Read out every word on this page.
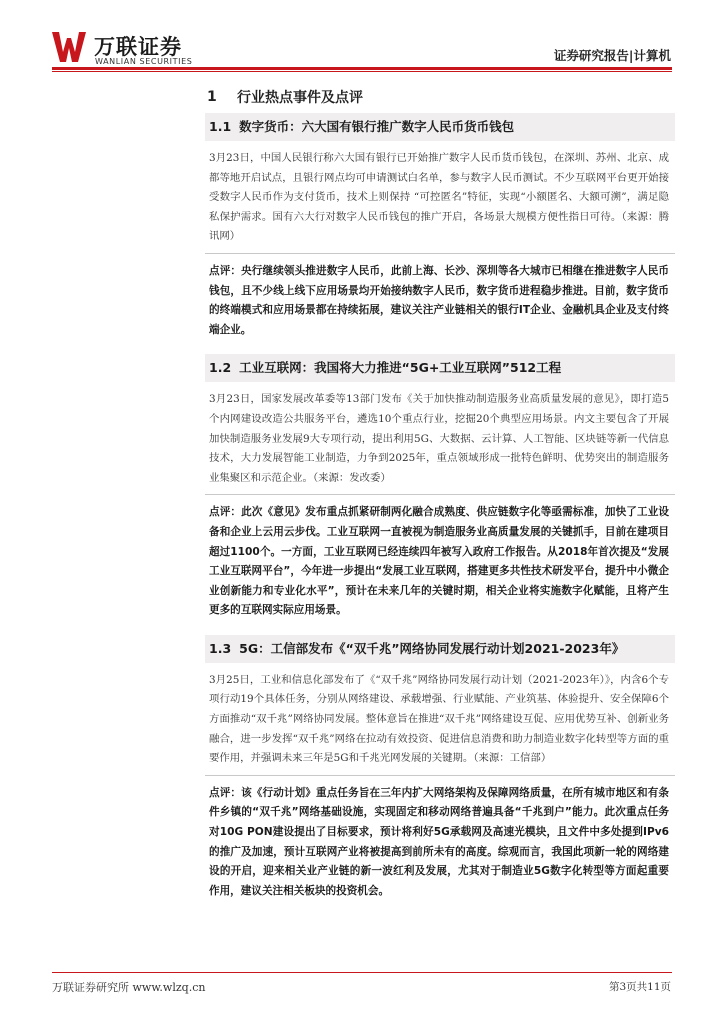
万联证券
WANLIAN SECURITIES	证券研究报告|计算机
1	行业热点事件及点评
1.1 数字货币：六大国有银行推广数字人民币货币钱包

3月23日，中国人民银行称六大国有银行已开始推广数字人民币货币钱包，在深圳、苏州、北京、成都等地开启试点，且银行网点均可申请测试白名单，参与数字人民币测试。不少互联网平台更开始接受数字人民币作为支付货币，技术上则保持 “可控匿名”特征，实现“小额匿名、大额可溯”，满足隐私保护需求。国有六大行对数字人民币钱包的推广开启，各场景大规模方便性指日可待。（来源：腾讯网）

点评：央行继续领头推进数字人民币，此前上海、长沙、深圳等各大城市已相继在推进数字人民币钱包，且不少线上线下应用场景均开始接纳数字人民币，数字货币进程稳步推进。目前，数字货币的终端模式和应用场景都在持续拓展，建议关注产业链相关的银行IT企业、金融机具企业及支付终端企业。

1.2 工业互联网：我国将大力推进“5G+工业互联网”512工程

3月23日，国家发展改革委等13部门发布《关于加快推动制造服务业高质量发展的意见》，即打造5个内网建设改造公共服务平台，遴选10个重点行业，挖掘20个典型应用场景。内文主要包含了开展加快制造服务业发展9大专项行动，提出利用5G、大数据、云计算、人工智能、区块链等新一代信息技术，大力发展智能工业制造，力争到2025年，重点领域形成一批特色鲜明、优势突出的制造服务业集聚区和示范企业。（来源：发改委）

点评：此次《意见》发布重点抓紧研制两化融合成熟度、供应链数字化等亟需标准，加快了工业设备和企业上云用云步伐。工业互联网一直被视为制造服务业高质量发展的关键抓手，目前在建项目超过1100个。一方面，工业互联网已经连续四年被写入政府工作报告。从2018年首次提及“发展工业互联网平台”，今年进一步提出“发展工业互联网，搭建更多共性技术研发平台，提升中小微企业创新能力和专业化水平”，预计在未来几年的关键时期，相关企业将实施数字化赋能，且将产生更多的互联网实际应用场景。

1.3 5G：工信部发布《“双千兆”网络协同发展行动计划2021-2023年》

3月25日，工业和信息化部发布了《“双千兆”网络协同发展行动计划（2021-2023年）》，内含6个专项行动19个具体任务，分别从网络建设、承载增强、行业赋能、产业筑基、体验提升、安全保障6个方面推动“双千兆”网络协同发展。整体意旨在推进“双千兆”网络建设互促、应用优势互补、创新业务融合，进一步发挥“双千兆”网络在拉动有效投资、促进信息消费和助力制造业数字化转型等方面的重要作用，并强调未来三年是5G和千兆光网发展的关键期。（来源：工信部）

点评：该《行动计划》重点任务旨在三年内扩大网络架构及保障网络质量，在所有城市地区和有条件乡镇的“双千兆”网络基础设施，实现固定和移动网络普遍具备“千兆到户”能力。此次重点任务对10G PON建设提出了目标要求，预计将利好5G承载网及高速光模块，且文件中多处提到IPv6的推广及加速，预计互联网产业将被提高到前所未有的高度。综观而言，我国此项新一轮的网络建设的开启，迎来相关业产业链的新一波红利及发展，尤其对于制造业5G数字化转型等方面起重要作用，建议关注相关板块的投资机会。

万联证券研究所 www.wlzq.cn	第3页共11页
